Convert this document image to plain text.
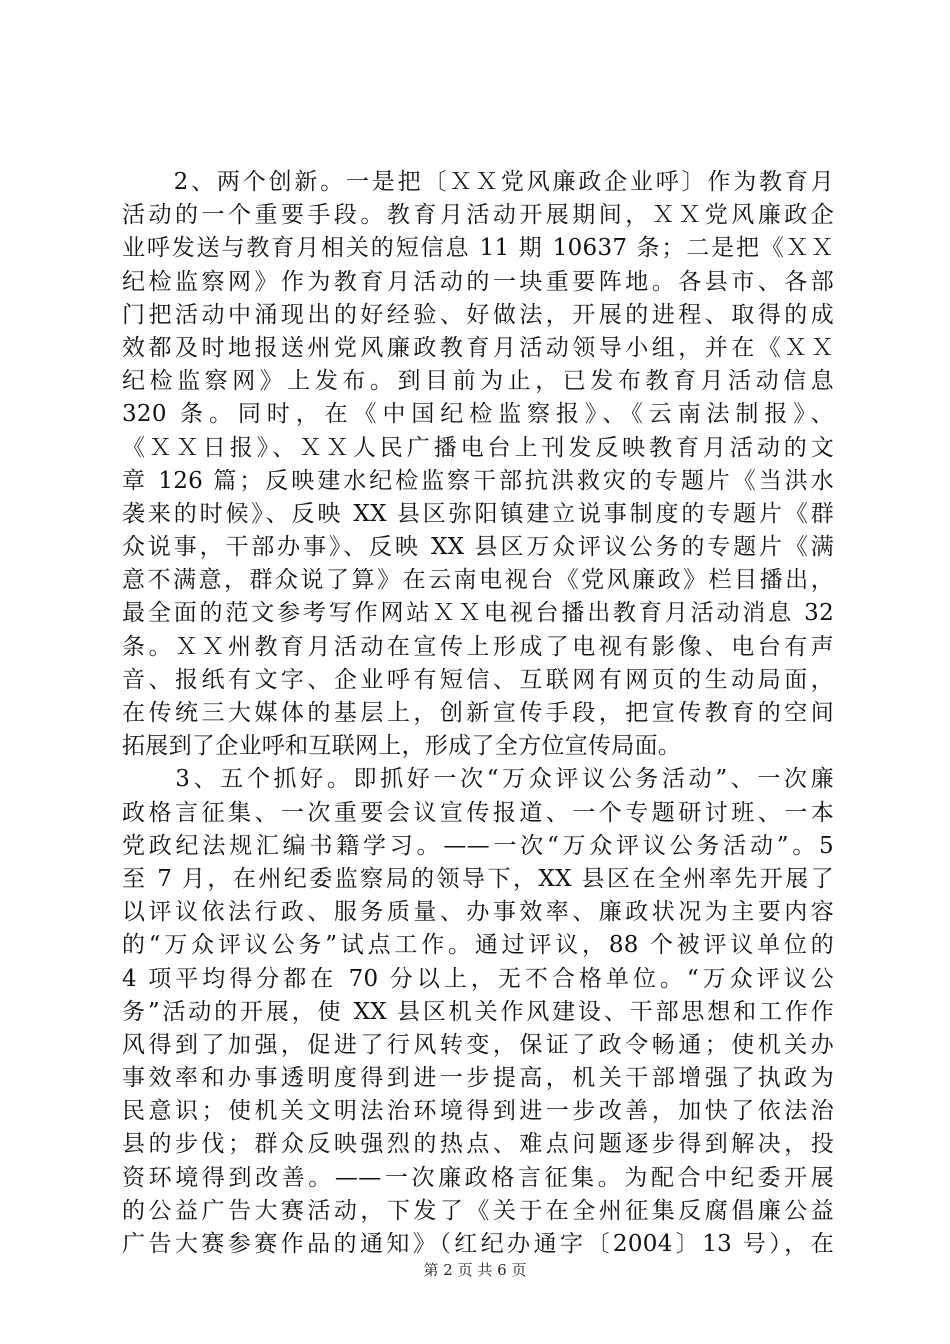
　　2、两个创新。一是把〔ＸＸ党风廉政企业呼〕作为教育月
活动的一个重要手段。教育月活动开展期间，ＸＸ党风廉政企
业呼发送与教育月相关的短信息 11 期 10637 条；二是把《ＸＸ
纪检监察网》作为教育月活动的一块重要阵地。各县市、各部
门把活动中涌现出的好经验、好做法，开展的进程、取得的成
效都及时地报送州党风廉政教育月活动领导小组，并在《ＸＸ
纪检监察网》上发布。到目前为止，已发布教育月活动信息
320 条。同时，在《中国纪检监察报》、《云南法制报》、
《ＸＸ日报》、ＸＸ人民广播电台上刊发反映教育月活动的文
章 126 篇；反映建水纪检监察干部抗洪救灾的专题片《当洪水
袭来的时候》、反映 XX 县区弥阳镇建立说事制度的专题片《群
众说事，干部办事》、反映 XX 县区万众评议公务的专题片《满
意不满意，群众说了算》在云南电视台《党风廉政》栏目播出，
最全面的范文参考写作网站ＸＸ电视台播出教育月活动消息 32
条。ＸＸ州教育月活动在宣传上形成了电视有影像、电台有声
音、报纸有文字、企业呼有短信、互联网有网页的生动局面，
在传统三大媒体的基层上，创新宣传手段，把宣传教育的空间
拓展到了企业呼和互联网上，形成了全方位宣传局面。
　　3、五个抓好。即抓好一次“万众评议公务活动”、一次廉
政格言征集、一次重要会议宣传报道、一个专题研讨班、一本
党政纪法规汇编书籍学习。——一次“万众评议公务活动”。5
至 7 月，在州纪委监察局的领导下，XX 县区在全州率先开展了
以评议依法行政、服务质量、办事效率、廉政状况为主要内容
的“万众评议公务”试点工作。通过评议，88 个被评议单位的
4 项平均得分都在 70 分以上，无不合格单位。“万众评议公
务”活动的开展，使 XX 县区机关作风建设、干部思想和工作作
风得到了加强，促进了行风转变，保证了政令畅通；使机关办
事效率和办事透明度得到进一步提高，机关干部增强了执政为
民意识；使机关文明法治环境得到进一步改善，加快了依法治
县的步伐；群众反映强烈的热点、难点问题逐步得到解决，投
资环境得到改善。——一次廉政格言征集。为配合中纪委开展
的公益广告大赛活动，下发了《关于在全州征集反腐倡廉公益
广告大赛参赛作品的通知》（红纪办通字〔2004〕13 号），在
第 2 页 共 6 页
